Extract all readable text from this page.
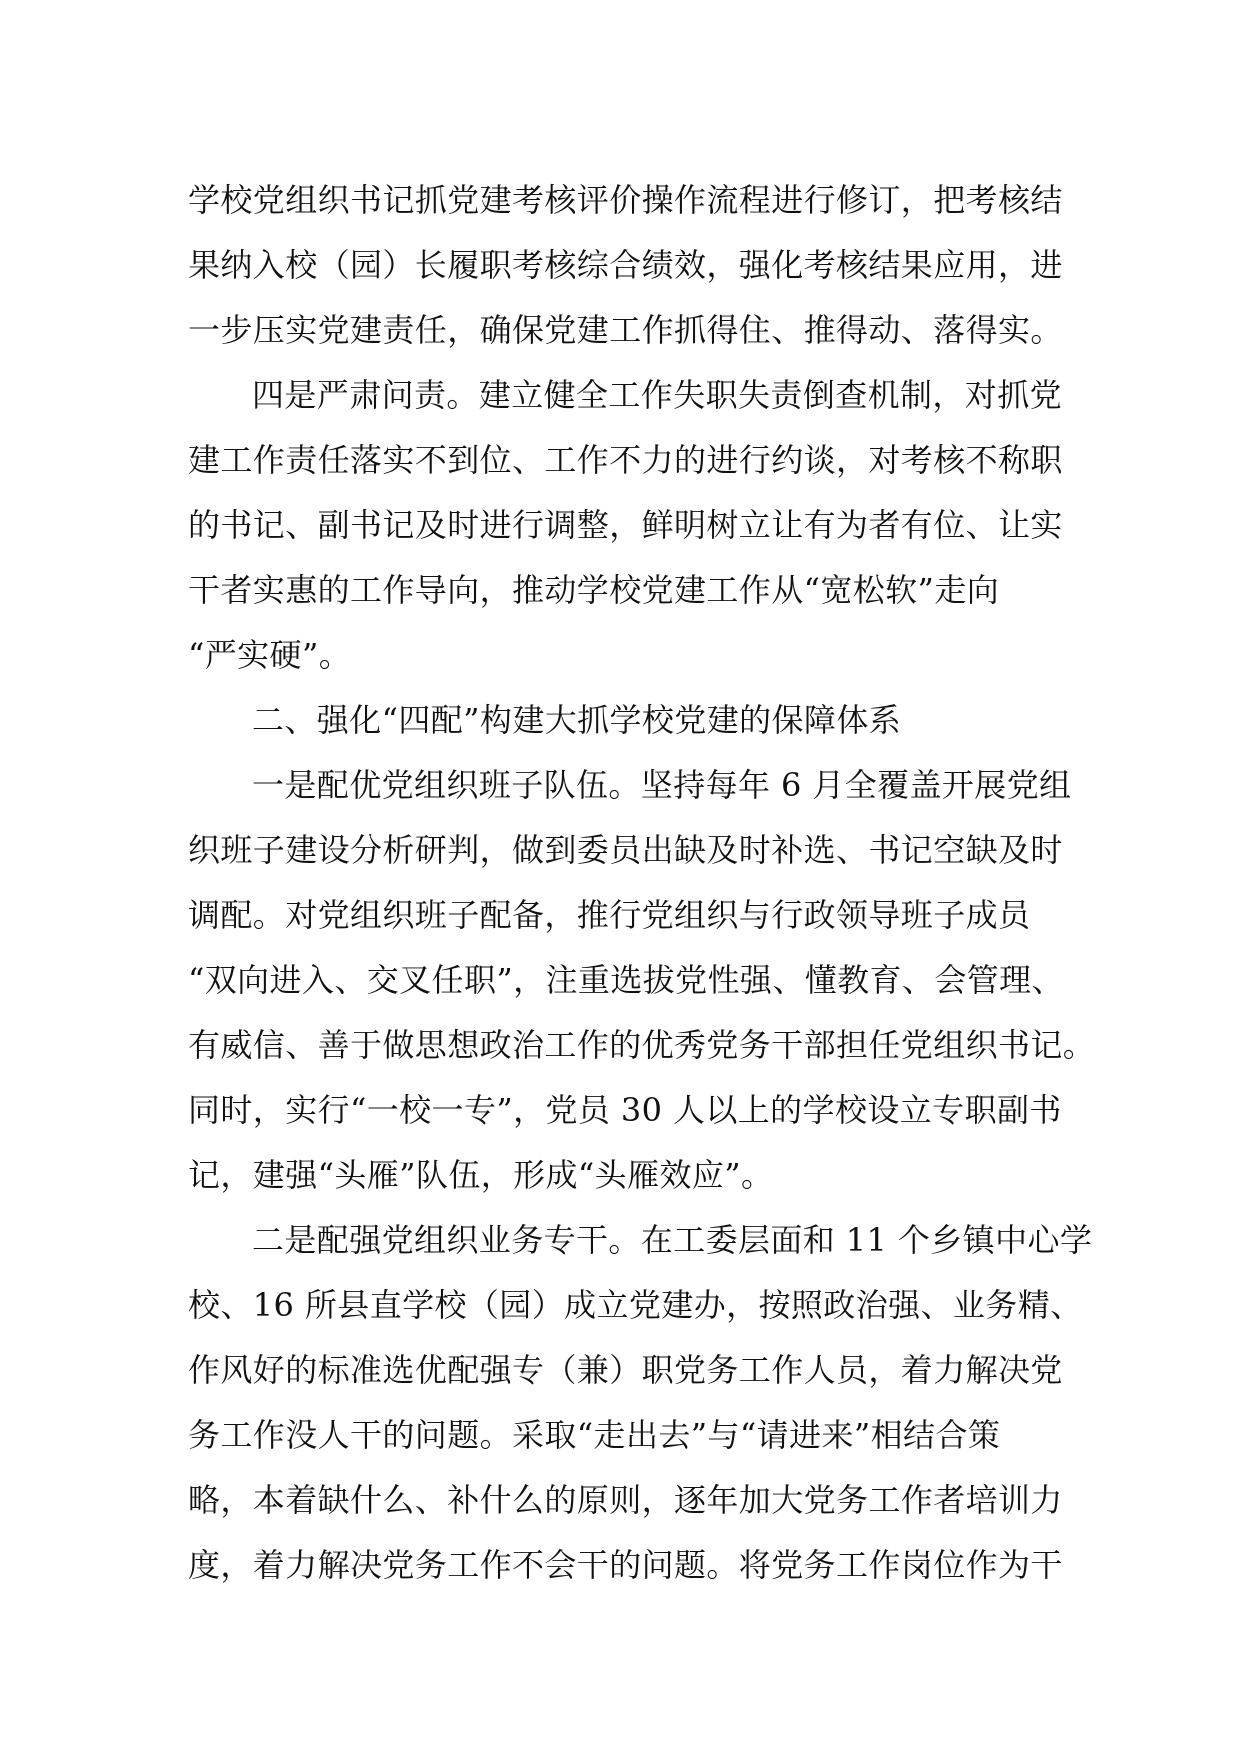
学校党组织书记抓党建考核评价操作流程进行修订，把考核结
果纳入校（园）长履职考核综合绩效，强化考核结果应用，进
一步压实党建责任，确保党建工作抓得住、推得动、落得实。
四是严肃问责。建立健全工作失职失责倒查机制，对抓党
建工作责任落实不到位、工作不力的进行约谈，对考核不称职
的书记、副书记及时进行调整，鲜明树立让有为者有位、让实
干者实惠的工作导向，推动学校党建工作从“宽松软”走向
“严实硬”。
二、强化“四配”构建大抓学校党建的保障体系
一是配优党组织班子队伍。坚持每年 6 月全覆盖开展党组
织班子建设分析研判，做到委员出缺及时补选、书记空缺及时
调配。对党组织班子配备，推行党组织与行政领导班子成员
“双向进入、交叉任职”，注重选拔党性强、懂教育、会管理、
有威信、善于做思想政治工作的优秀党务干部担任党组织书记。
同时，实行“一校一专”，党员 30 人以上的学校设立专职副书
记，建强“头雁”队伍，形成“头雁效应”。
二是配强党组织业务专干。在工委层面和 11 个乡镇中心学
校、16 所县直学校（园）成立党建办，按照政治强、业务精、
作风好的标准选优配强专（兼）职党务工作人员，着力解决党
务工作没人干的问题。采取“走出去”与“请进来”相结合策
略，本着缺什么、补什么的原则，逐年加大党务工作者培训力
度，着力解决党务工作不会干的问题。将党务工作岗位作为干
